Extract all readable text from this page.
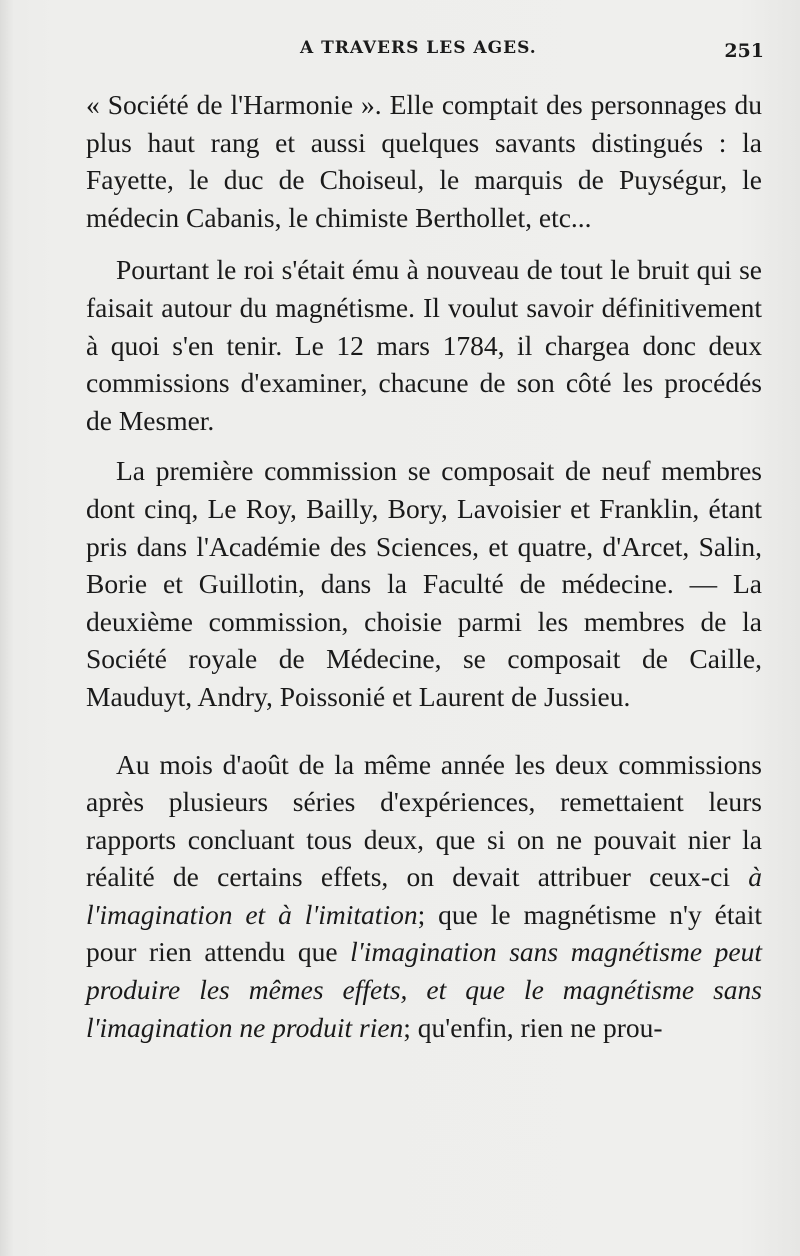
A TRAVERS LES AGES.	251

« Société de l'Harmonie ». Elle comptait des personnages du plus haut rang et aussi quelques savants distingués : la Fayette, le duc de Choiseul, le marquis de Puységur, le médecin Cabanis, le chimiste Berthollet, etc...

Pourtant le roi s'était ému à nouveau de tout le bruit qui se faisait autour du magnétisme. Il voulut savoir définitivement à quoi s'en tenir. Le 12 mars 1784, il chargea donc deux commissions d'examiner, chacune de son côté les procédés de Mesmer.

La première commission se composait de neuf membres dont cinq, Le Roy, Bailly, Bory, Lavoisier et Franklin, étant pris dans l'Académie des Sciences, et quatre, d'Arcet, Salin, Borie et Guillotin, dans la Faculté de médecine. — La deuxième commission, choisie parmi les membres de la Société royale de Médecine, se composait de Caille, Mauduyt, Andry, Poissonié et Laurent de Jussieu.

Au mois d'août de la même année les deux commissions après plusieurs séries d'expériences, remettaient leurs rapports concluant tous deux, que si on ne pouvait nier la réalité de certains effets, on devait attribuer ceux-ci à l'imagination et à l'imitation; que le magnétisme n'y était pour rien attendu que l'imagination sans magnétisme peut produire les mêmes effets, et que le magnétisme sans l'imagination ne produit rien; qu'enfin, rien ne prou-
